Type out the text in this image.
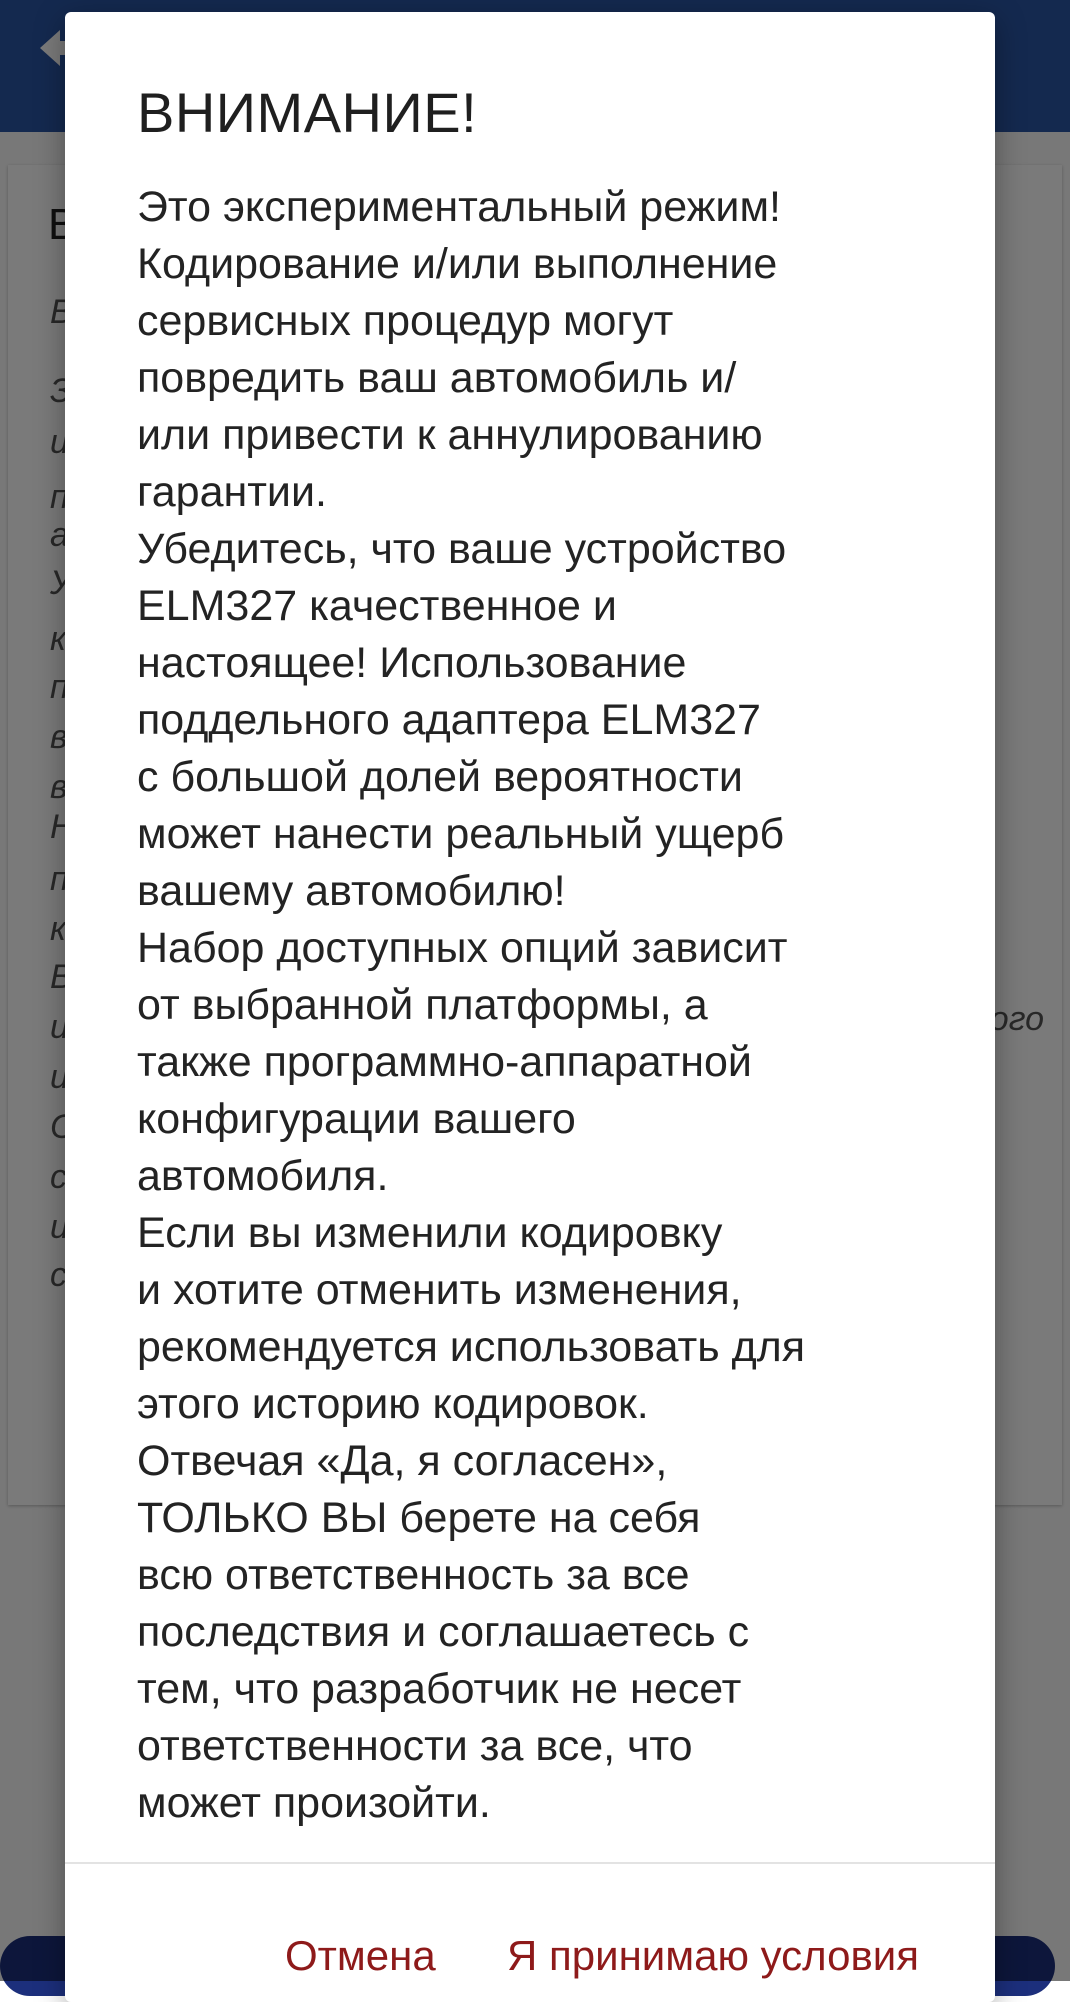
ВНИМАНИЕ!
Это экспериментальный режим!
Кодирование и/или выполнение
сервисных процедур могут
повредить ваш автомобиль и/
или привести к аннулированию
гарантии.
Убедитесь, что ваше устройство
ELM327 качественное и
настоящее! Использование
поддельного адаптера ELM327
с большой долей вероятности
может нанести реальный ущерб
вашему автомобилю!
Набор доступных опций зависит
от выбранной платформы, а
также программно-аппаратной
конфигурации вашего
автомобиля.
Если вы изменили кодировку
и хотите отменить изменения,
рекомендуется использовать для
этого историю кодировок.
Отвечая «Да, я согласен»,
ТОЛЬКО ВЫ берете на себя
всю ответственность за все
последствия и соглашаетесь с
тем, что разработчик не несет
ответственности за все, что
может произойти.
Отмена Я принимаю условия
